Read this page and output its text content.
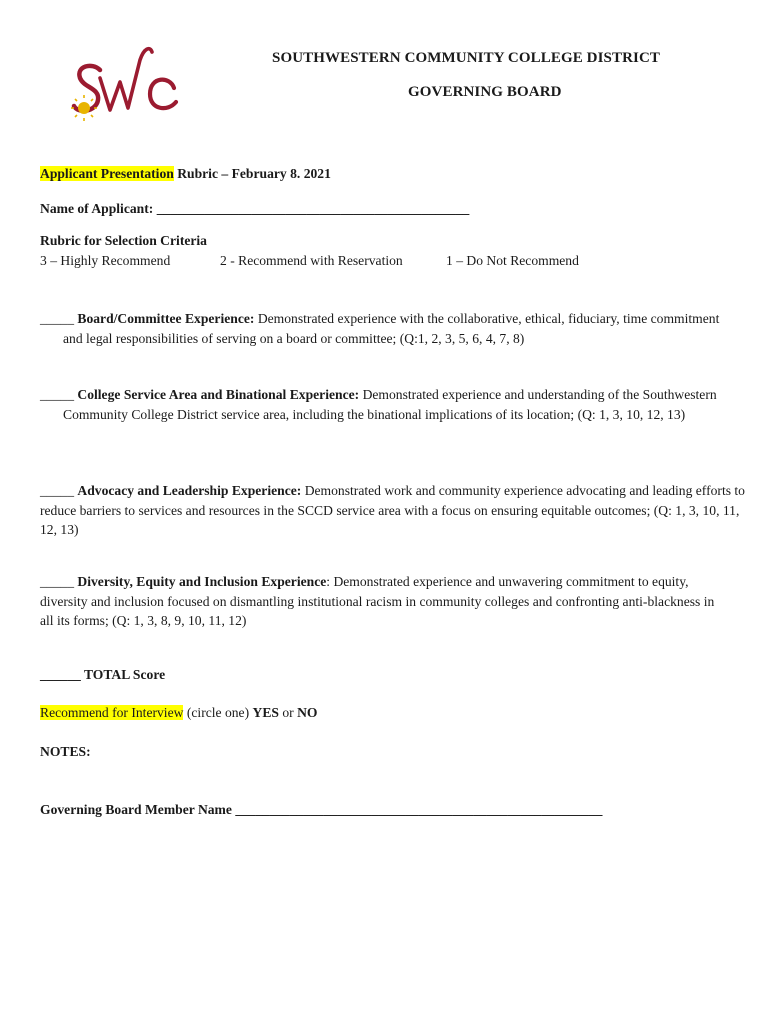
SOUTHWESTERN COMMUNITY COLLEGE DISTRICT
GOVERNING BOARD
Applicant Presentation Rubric – February 8. 2021
Name of Applicant: ______________________________________________
Rubric for Selection Criteria
3 – Highly Recommend	2 - Recommend with Reservation	1 – Do Not Recommend
_____ Board/Committee Experience: Demonstrated experience with the collaborative, ethical, fiduciary, time commitment and legal responsibilities of serving on a board or committee; (Q:1, 2, 3, 5, 6, 4, 7, 8)
_____ College Service Area and Binational Experience: Demonstrated experience and understanding of the Southwestern Community College District service area, including the binational implications of its location; (Q: 1, 3, 10, 12, 13)
_____ Advocacy and Leadership Experience: Demonstrated work and community experience advocating and leading efforts to reduce barriers to services and resources in the SCCD service area with a focus on ensuring equitable outcomes; (Q: 1, 3, 10, 11, 12, 13)
_____ Diversity, Equity and Inclusion Experience: Demonstrated experience and unwavering commitment to equity, diversity and inclusion focused on dismantling institutional racism in community colleges and confronting anti-blackness in all its forms; (Q: 1, 3, 8, 9, 10, 11, 12)
______ TOTAL Score
Recommend for Interview (circle one) YES or NO
NOTES:
Governing Board Member Name ______________________________________________________
